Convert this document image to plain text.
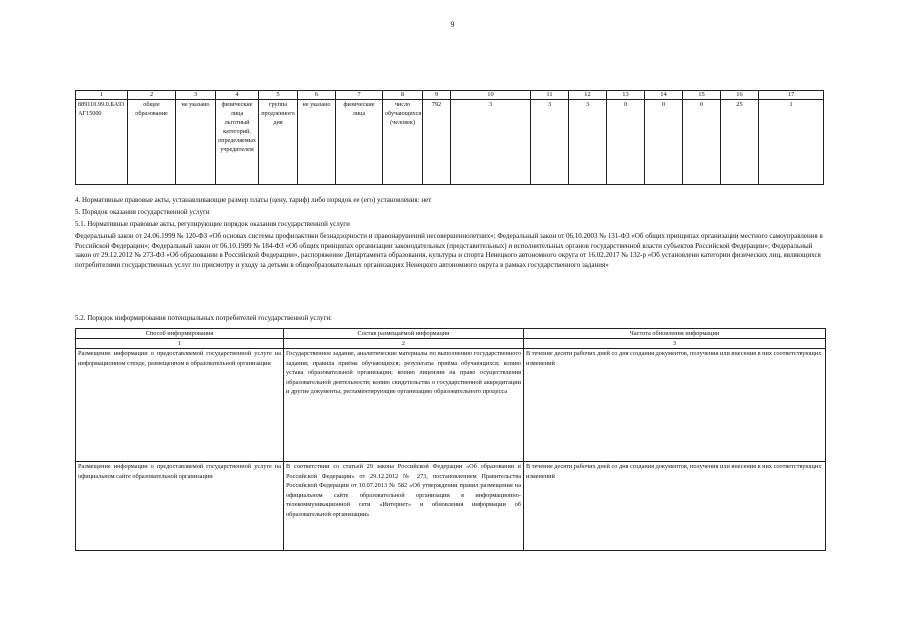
9
1	2	3	4	5	6	7	8	9	10	11	12	13	14	15	16	17
889110.99.0.БА93АГ15000	общее образование	не указано	физические лица льготный категорий, определяемых учредителем	группа продленного дня	не указано	физические лица	число обучающихся (человек)	792	3	3	3	0	0	0	25	1
4. Нормативные правовые акты, устанавливающие размер платы (цену, тариф) либо порядок ее (его) установления: нет
5. Порядок оказания государственной услуги
5.1. Нормативные правовые акты, регулирующие порядок оказания государственной услуги
Федеральный закон от 24.06.1999 № 120-ФЗ «Об основах системы профилактики безнадзорности и правонарушений несовершеннолетних»; Федеральный закон от 06.10.2003 № 131-ФЗ «Об общих принципах организации местного самоуправления в Российской Федерации»; Федеральный закон от 06.10.1999 № 184-ФЗ «Об общих принципах организации законодательных (представительных) и исполнительных органов государственной власти субъектов Российской Федерации»; Федеральный закон от 29.12.2012 № 273-ФЗ «Об образовании в Российской Федерации», распоряжение Департамента образования, культуры и спорта Ненецкого автономного округа от 16.02.2017 № 132-р «Об установлени категории физических лиц, являющихся потребителями государственных услуг по присмотру и уходу за детьми в общеобразовательных организациях Ненецкого автономного округа в рамках государственного задания»
5.2. Порядок информирования потенциальных потребителей государственной услуги:
Способ информирования	Состав размещаемой информации	Частота обновления информации
1	2	3
Размещение информации о предоставляемой государственной услуге на информационном стенде, размещенном в образовательной организации	Государственное задание, аналитические материалы по выполнению государственного задания; правила приёма обучающихся; результаты приёма обучающихся; копию устава образовательной организации; копию лицензии на право осуществления образовательной деятельности; копию свидетельства о государственной аккредитации и другие документы, регламентирующие организацию образовательного процесса	В течение десяти рабочих дней со дня создания документов, получения или внесения в них соответствующих изменений
Размещение информации о предоставляемой государственной услуге на официальном сайте образовательной организации	В соответствии со статьей 29 закона Российской Федерации «Об образовании в Российской Федерации» от 29.12.2012 № 273, постановлением Правительства Российской Федерации от 10.07.2013 № 582 «Об утверждении правил размещения на официальном сайте образовательной организации в информационно-телекоммуникационной сети «Интернет» и обновления информации об образовательной организации»	В течение десяти рабочих дней со дня создания документов, получения или внесения в них соответствующих изменений
